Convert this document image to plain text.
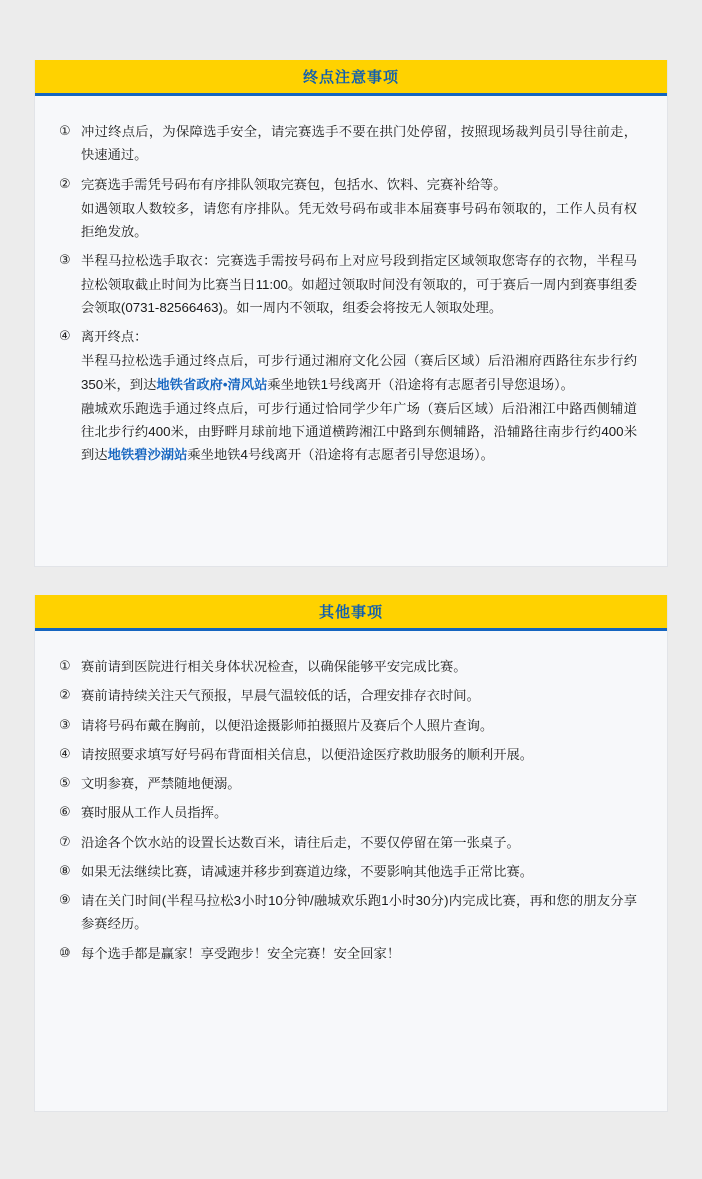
终点注意事项
① 冲过终点后，为保障选手安全，请完赛选手不要在拱门处停留，按照现场裁判员引导往前走，快速通过。

② 完赛选手需凭号码布有序排队领取完赛包，包括水、饮料、完赛补给等。

如遇领取人数较多，请您有序排队。凭无效号码布或非本届赛事号码布领取的，工作人员有权拒绝发放。

③ 半程马拉松选手取衣：完赛选手需按号码布上对应号段到指定区域领取您寄存的衣物，半程马拉松领取截止时间为比赛当日11:00。如超过领取时间没有领取的，可于赛后一周内到赛事组委会领取(0731-82566463)。如一周内不领取，组委会将按无人领取处理。

④ 离开终点：

半程马拉松选手通过终点后，可步行通过湘府文化公园（赛后区域）后沿湘府西路往东步行约350米，到达地铁省政府•清风站乘坐地铁1号线离开（沿途将有志愿者引导您退场）。

融城欢乐跑选手通过终点后，可步行通过恰同学少年广场（赛后区域）后沿湘江中路西侧辅道往北步行约400米，由野畔月球前地下通道横跨湘江中路到东侧辅路，沿辅路往南步行约400米到达地铁碧沙湖站乘坐地铁4号线离开（沿途将有志愿者引导您退场）。

其他事项
① 赛前请到医院进行相关身体状况检查，以确保能够平安完成比赛。
② 赛前请持续关注天气预报，早晨气温较低的话，合理安排存衣时间。
③ 请将号码布戴在胸前，以便沿途摄影师拍摄照片及赛后个人照片查询。
④ 请按照要求填写好号码布背面相关信息，以便沿途医疗救助服务的顺利开展。
⑤ 文明参赛，严禁随地便溺。
⑥ 赛时服从工作人员指挥。
⑦ 沿途各个饮水站的设置长达数百米，请往后走，不要仅停留在第一张桌子。
⑧ 如果无法继续比赛，请减速并移步到赛道边缘，不要影响其他选手正常比赛。
⑨ 请在关门时间(半程马拉松3小时10分钟/融城欢乐跑1小时30分)内完成比赛，再和您的朋友分享参赛经历。
⑩ 每个选手都是赢家！享受跑步！安全完赛！安全回家！
